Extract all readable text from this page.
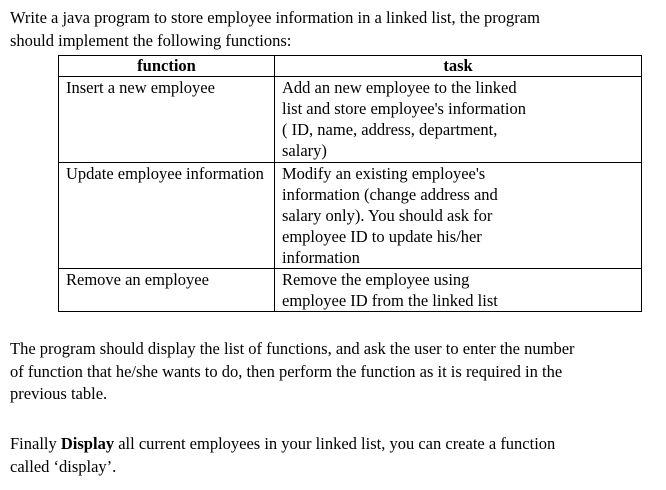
Write a java program to store employee information in a linked list, the program
should implement the following functions:
function	task
Insert a new employee	Add an new employee to the linked
list and store employee's information
( ID, name, address, department,
salary)

Update employee information	Modify an existing employee's
information (change address and
salary only). You should ask for
employee ID to update his/her
information

Remove an employee	Remove the employee using
employee ID from the linked list
The program should display the list of functions, and ask the user to enter the number
of function that he/she wants to do, then perform the function as it is required in the
previous table.
Finally Display all current employees in your linked list, you can create a function
called ‘display’.
